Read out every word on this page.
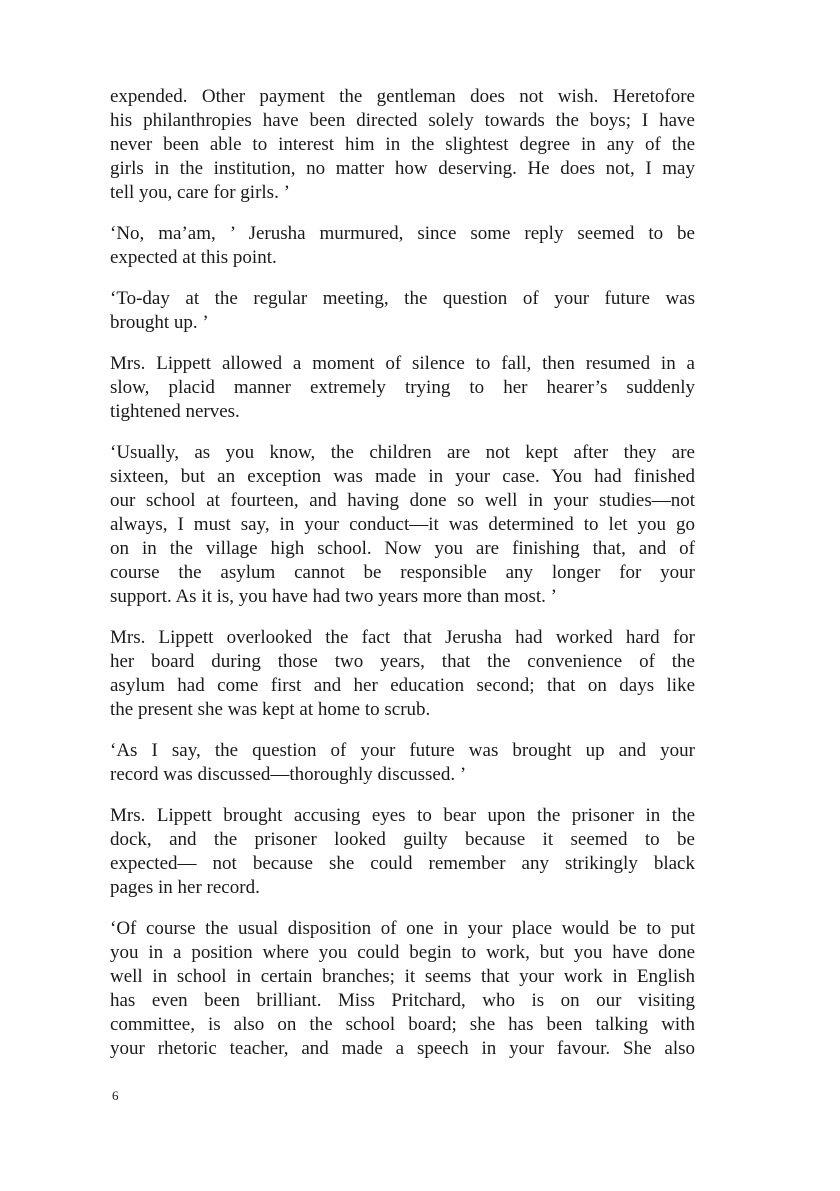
expended. Other payment the gentleman does not wish. Heretofore
his philanthropies have been directed solely towards the boys; I have
never been able to interest him in the slightest degree in any of the
girls in the institution, no matter how deserving. He does not, I may
tell you, care for girls. ’
‘No, ma’am, ’ Jerusha murmured, since some reply seemed to be
expected at this point.
‘To-day at the regular meeting, the question of your future was
brought up. ’
Mrs. Lippett allowed a moment of silence to fall, then resumed in a
slow, placid manner extremely trying to her hearer’s suddenly
tightened nerves.
‘Usually, as you know, the children are not kept after they are
sixteen, but an exception was made in your case. You had finished
our school at fourteen, and having done so well in your studies—not
always, I must say, in your conduct—it was determined to let you go
on in the village high school. Now you are finishing that, and of
course the asylum cannot be responsible any longer for your
support. As it is, you have had two years more than most. ’
Mrs. Lippett overlooked the fact that Jerusha had worked hard for
her board during those two years, that the convenience of the
asylum had come first and her education second; that on days like
the present she was kept at home to scrub.
‘As I say, the question of your future was brought up and your
record was discussed—thoroughly discussed. ’
Mrs. Lippett brought accusing eyes to bear upon the prisoner in the
dock, and the prisoner looked guilty because it seemed to be
expected— not because she could remember any strikingly black
pages in her record.
‘Of course the usual disposition of one in your place would be to put
you in a position where you could begin to work, but you have done
well in school in certain branches; it seems that your work in English
has even been brilliant. Miss Pritchard, who is on our visiting
committee, is also on the school board; she has been talking with
your rhetoric teacher, and made a speech in your favour. She also
6
